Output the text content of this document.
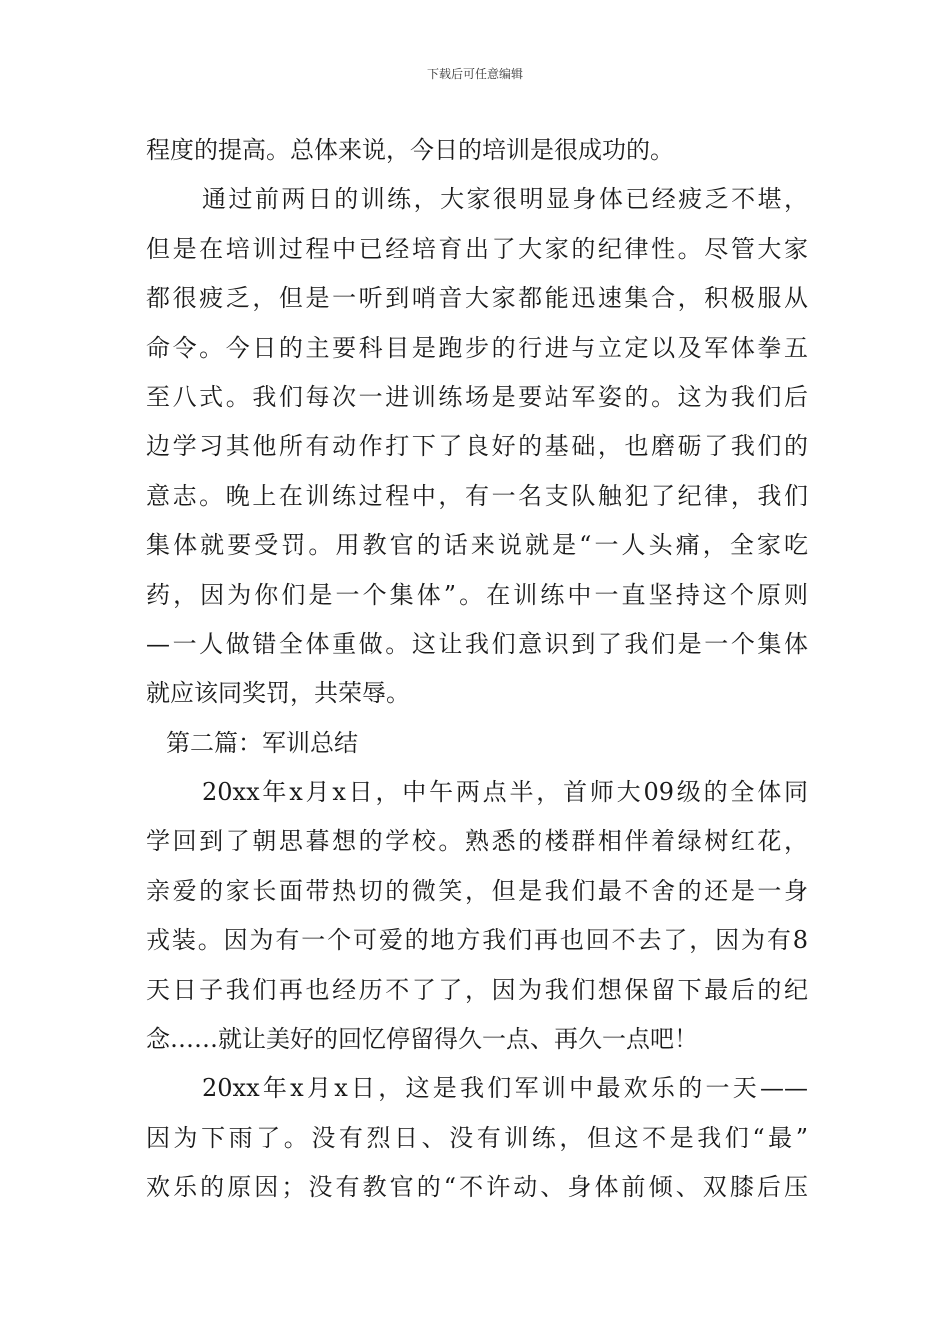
下载后可任意编辑
程度的提高。总体来说，今日的培训是很成功的。
通过前两日的训练，大家很明显身体已经疲乏不堪，
但是在培训过程中已经培育出了大家的纪律性。尽管大家
都很疲乏，但是一听到哨音大家都能迅速集合，积极服从
命令。今日的主要科目是跑步的行进与立定以及军体拳五
至八式。我们每次一进训练场是要站军姿的。这为我们后
边学习其他所有动作打下了良好的基础，也磨砺了我们的
意志。晚上在训练过程中，有一名支队触犯了纪律，我们
集体就要受罚。用教官的话来说就是“一人头痛，全家吃
药，因为你们是一个集体”。在训练中一直坚持这个原则
—一人做错全体重做。这让我们意识到了我们是一个集体
就应该同奖罚，共荣辱。
第二篇：军训总结
20xx年x月x日，中午两点半，首师大09级的全体同
学回到了朝思暮想的学校。熟悉的楼群相伴着绿树红花，
亲爱的家长面带热切的微笑，但是我们最不舍的还是一身
戎装。因为有一个可爱的地方我们再也回不去了，因为有8
天日子我们再也经历不了了，因为我们想保留下最后的纪
念……就让美好的回忆停留得久一点、再久一点吧！
20xx年x月x日，这是我们军训中最欢乐的一天——
因为下雨了。没有烈日、没有训练，但这不是我们“最”
欢乐的原因；没有教官的“不许动、身体前倾、双膝后压
